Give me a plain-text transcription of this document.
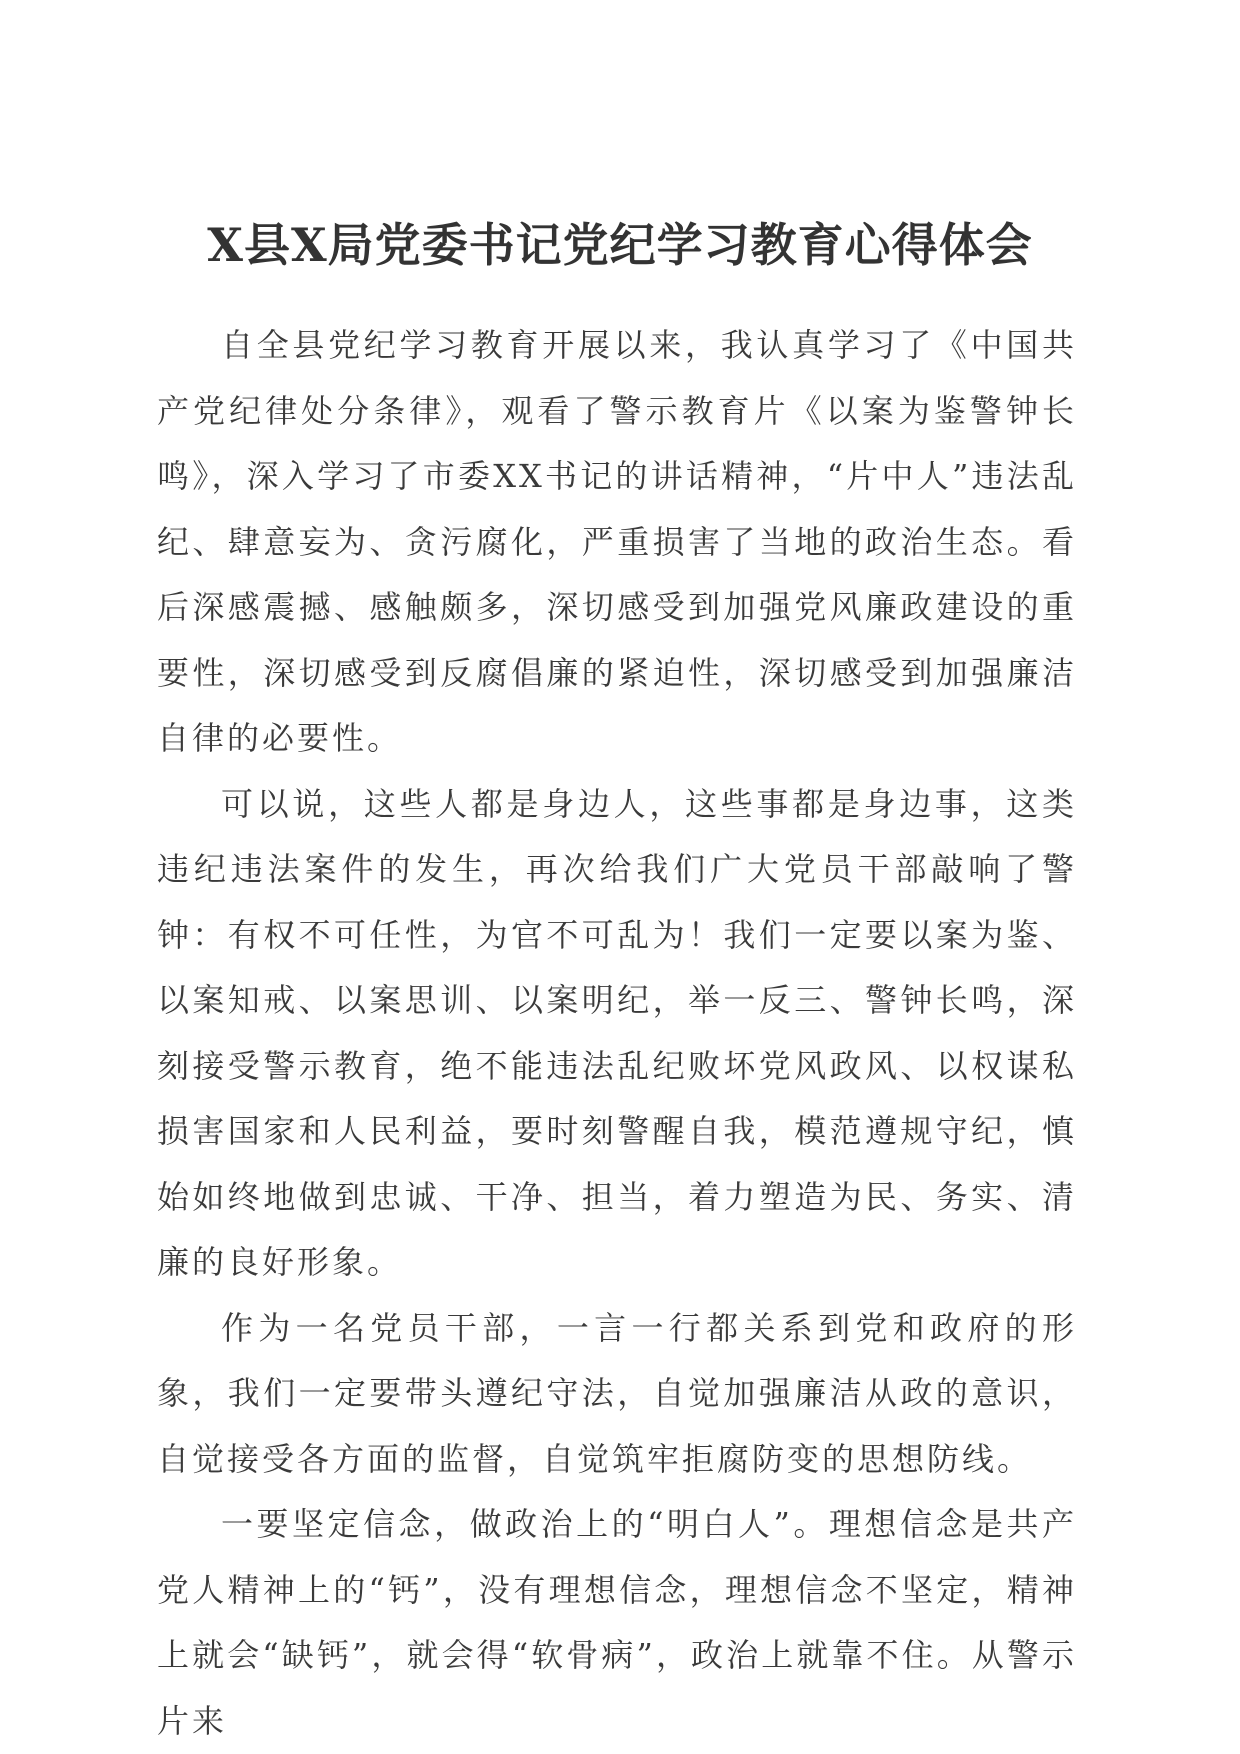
X县X局党委书记党纪学习教育心得体会

自全县党纪学习教育开展以来，我认真学习了《中国共产党纪律处分条律》，观看了警示教育片《以案为鉴警钟长鸣》，深入学习了市委XX书记的讲话精神，“片中人”违法乱纪、肆意妄为、贪污腐化，严重损害了当地的政治生态。看后深感震撼、感触颇多，深切感受到加强党风廉政建设的重要性，深切感受到反腐倡廉的紧迫性，深切感受到加强廉洁自律的必要性。

可以说，这些人都是身边人，这些事都是身边事，这类违纪违法案件的发生，再次给我们广大党员干部敲响了警钟：有权不可任性，为官不可乱为！我们一定要以案为鉴、以案知戒、以案思训、以案明纪，举一反三、警钟长鸣，深刻接受警示教育，绝不能违法乱纪败坏党风政风、以权谋私损害国家和人民利益，要时刻警醒自我，模范遵规守纪，慎始如终地做到忠诚、干净、担当，着力塑造为民、务实、清廉的良好形象。

作为一名党员干部，一言一行都关系到党和政府的形象，我们一定要带头遵纪守法，自觉加强廉洁从政的意识，自觉接受各方面的监督，自觉筑牢拒腐防变的思想防线。

一要坚定信念，做政治上的“明白人”。理想信念是共产党人精神上的“钙”，没有理想信念，理想信念不坚定，精神上就会“缺钙”，就会得“软骨病”，政治上就靠不住。从警示片来
